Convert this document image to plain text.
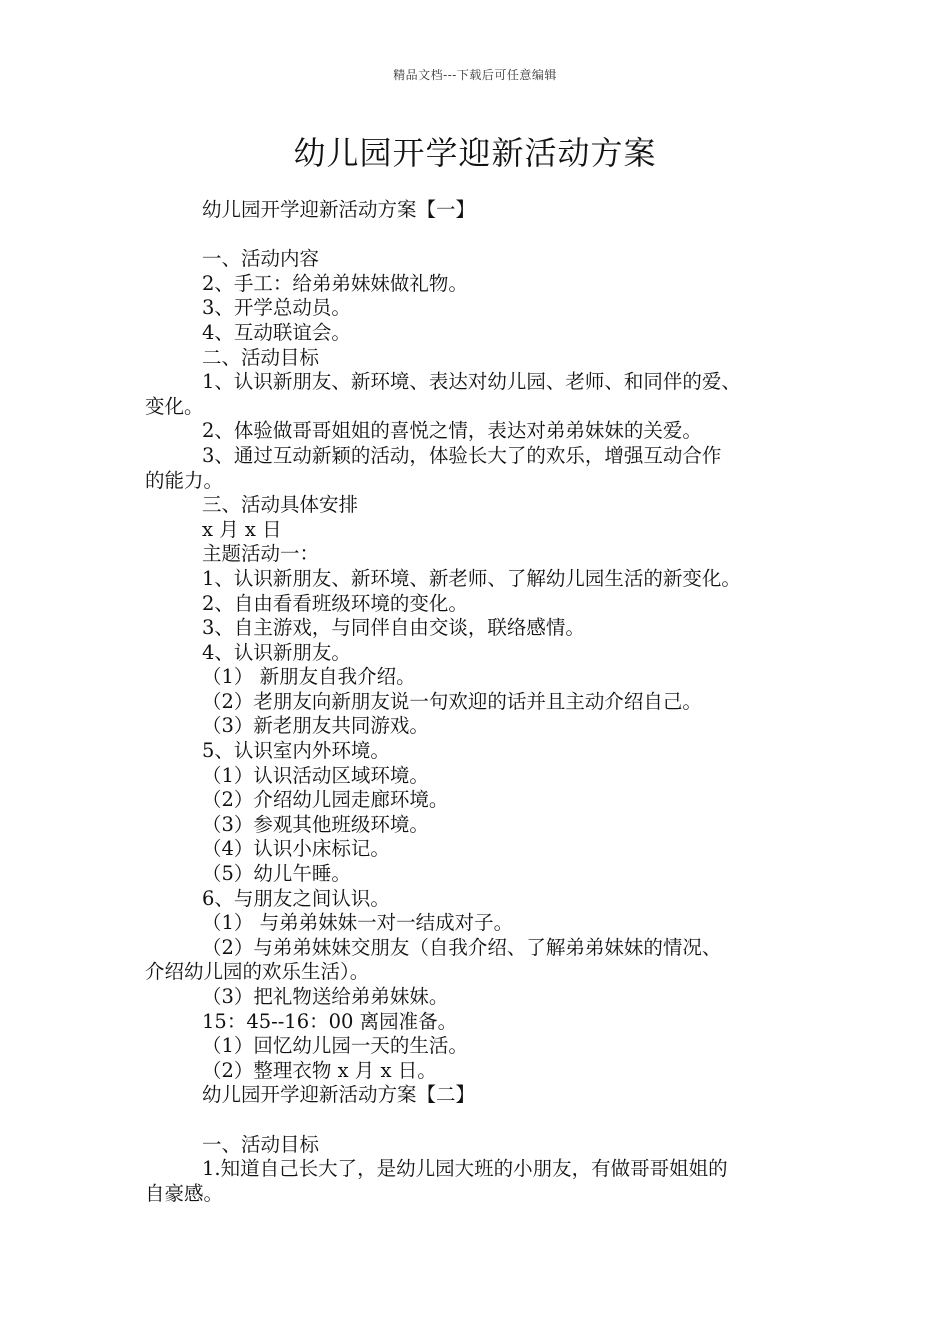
精品文档---下载后可任意编辑
幼儿园开学迎新活动方案
幼儿园开学迎新活动方案【一】
一、活动内容
2、手工：给弟弟妹妹做礼物。
3、开学总动员。
4、互动联谊会。
二、活动目标
1、认识新朋友、新环境、表达对幼儿园、老师、和同伴的爱、
变化。
2、体验做哥哥姐姐的喜悦之情，表达对弟弟妹妹的关爱。
3、通过互动新颖的活动，体验长大了的欢乐，增强互动合作
的能力。
三、活动具体安排
x 月 x 日
主题活动一：
1、认识新朋友、新环境、新老师、了解幼儿园生活的新变化。
2、自由看看班级环境的变化。
3、自主游戏，与同伴自由交谈，联络感情。
4、认识新朋友。
（1） 新朋友自我介绍。
（2）老朋友向新朋友说一句欢迎的话并且主动介绍自己。
（3）新老朋友共同游戏。
5、认识室内外环境。
（1）认识活动区域环境。
（2）介绍幼儿园走廊环境。
（3）参观其他班级环境。
（4）认识小床标记。
（5）幼儿午睡。
6、与朋友之间认识。
（1） 与弟弟妹妹一对一结成对子。
（2）与弟弟妹妹交朋友（自我介绍、了解弟弟妹妹的情况、
介绍幼儿园的欢乐生活）。
（3）把礼物送给弟弟妹妹。
15：45--16：00 离园准备。
（1）回忆幼儿园一天的生活。
（2）整理衣物 x 月 x 日。
幼儿园开学迎新活动方案【二】
一、活动目标
1.知道自己长大了，是幼儿园大班的小朋友，有做哥哥姐姐的
自豪感。
